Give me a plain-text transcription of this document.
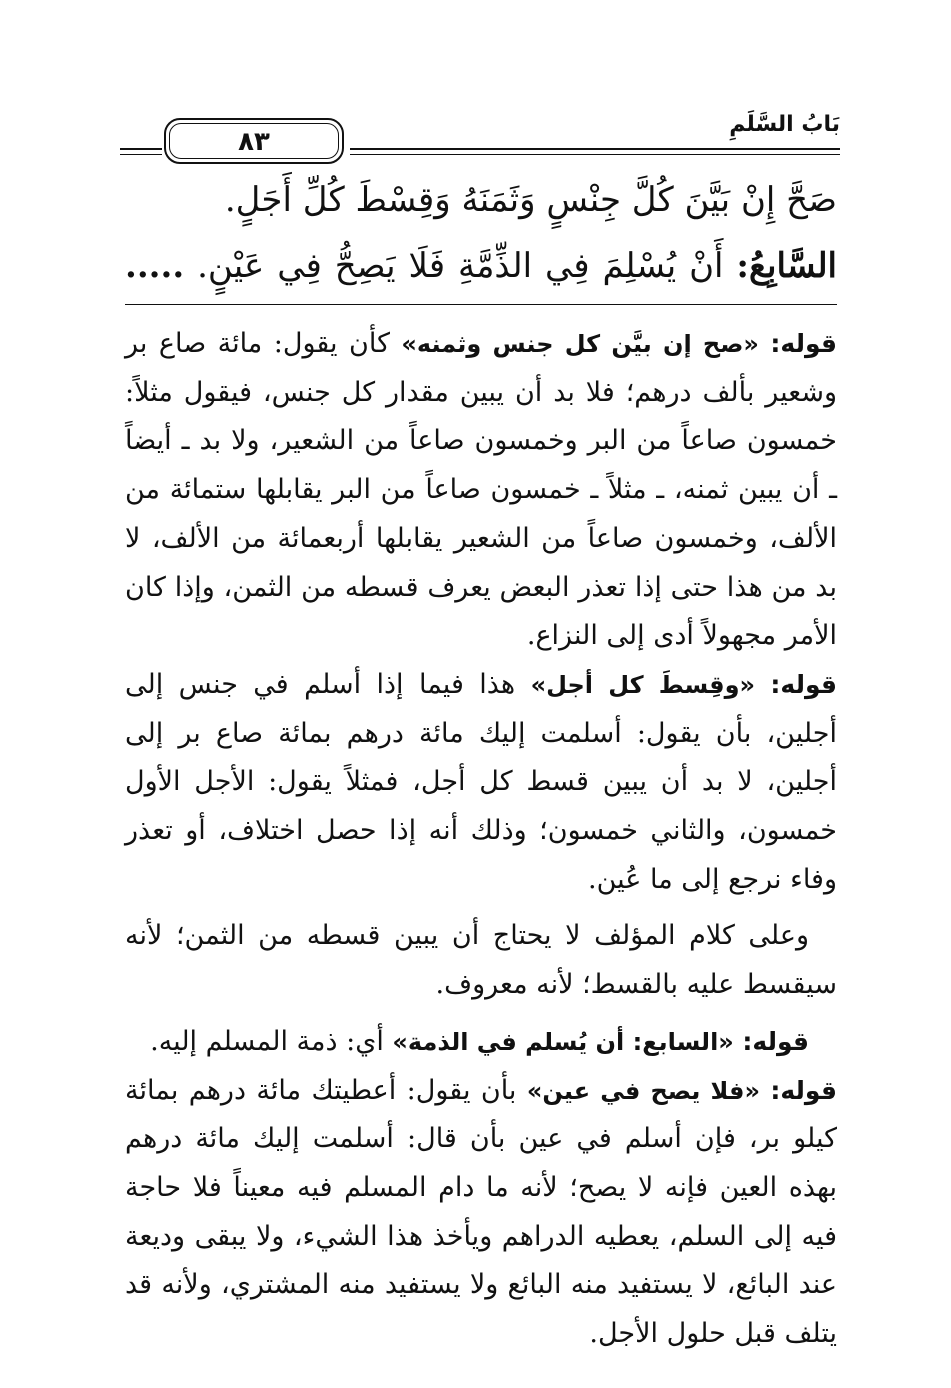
بَابُ السَّلَمِ
٨٣
صَحَّ إِنْ بَيَّنَ كُلَّ جِنْسٍ وَثَمَنَهُ وَقِسْطَ كُلِّ أَجَلٍ.
السَّابِعُ: أَنْ يُسْلِمَ فِي الذِّمَّةِ فَلَا يَصِحُّ فِي عَيْنٍ. .....

قوله: «صح إن بيَّن كل جنس وثمنه» كأن يقول: مائة صاع بر وشعير بألف درهم؛ فلا بد أن يبين مقدار كل جنس، فيقول مثلاً: خمسون صاعاً من البر وخمسون صاعاً من الشعير، ولا بد ـ أيضاً ـ أن يبين ثمنه، ـ مثلاً ـ خمسون صاعاً من البر يقابلها ستمائة من الألف، وخمسون صاعاً من الشعير يقابلها أربعمائة من الألف، لا بد من هذا حتى إذا تعذر البعض يعرف قسطه من الثمن، وإذا كان الأمر مجهولاً أدى إلى النزاع.

قوله: «وقِسطَ كل أجل» هذا فيما إذا أسلم في جنس إلى أجلين، بأن يقول: أسلمت إليك مائة درهم بمائة صاع بر إلى أجلين، لا بد أن يبين قسط كل أجل، فمثلاً يقول: الأجل الأول خمسون، والثاني خمسون؛ وذلك أنه إذا حصل اختلاف، أو تعذر وفاء نرجع إلى ما عُين.

وعلى كلام المؤلف لا يحتاج أن يبين قسطه من الثمن؛ لأنه سيقسط عليه بالقسط؛ لأنه معروف.

قوله: «السابع: أن يُسلم في الذمة» أي: ذمة المسلم إليه.

قوله: «فلا يصح في عين» بأن يقول: أعطيتك مائة درهم بمائة كيلو بر، فإن أسلم في عين بأن قال: أسلمت إليك مائة درهم بهذه العين فإنه لا يصح؛ لأنه ما دام المسلم فيه معيناً فلا حاجة فيه إلى السلم، يعطيه الدراهم ويأخذ هذا الشيء، ولا يبقى وديعة عند البائع، لا يستفيد منه البائع ولا يستفيد منه المشتري، ولأنه قد يتلف قبل حلول الأجل.
